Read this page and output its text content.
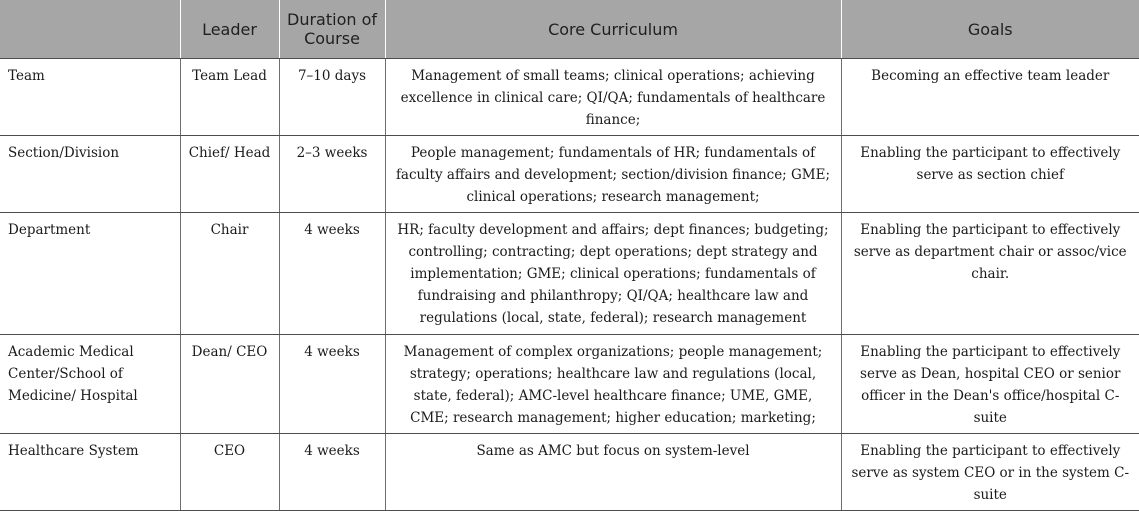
	Leader	Duration of Course	Core Curriculum	Goals
Team	Team Lead	7–10 days	Management of small teams; clinical operations; achieving excellence in clinical care; QI/QA; fundamentals of healthcare finance;	Becoming an effective team leader
Section/Division	Chief/ Head	2–3 weeks	People management; fundamentals of HR; fundamentals of faculty affairs and development; section/division finance; GME; clinical operations; research management;	Enabling the participant to effectively serve as section chief
Department	Chair	4 weeks	HR; faculty development and affairs; dept finances; budgeting; controlling; contracting; dept operations; dept strategy and implementation; GME; clinical operations; fundamentals of fundraising and philanthropy; QI/QA; healthcare law and regulations (local, state, federal); research management	Enabling the participant to effectively serve as department chair or assoc/vice chair.
Academic Medical Center/School of Medicine/ Hospital	Dean/ CEO	4 weeks	Management of complex organizations; people management; strategy; operations; healthcare law and regulations (local, state, federal); AMC-level healthcare finance; UME, GME, CME; research management; higher education; marketing;	Enabling the participant to effectively serve as Dean, hospital CEO or senior officer in the Dean's office/hospital C-suite
Healthcare System	CEO	4 weeks	Same as AMC but focus on system-level	Enabling the participant to effectively serve as system CEO or in the system C-suite
